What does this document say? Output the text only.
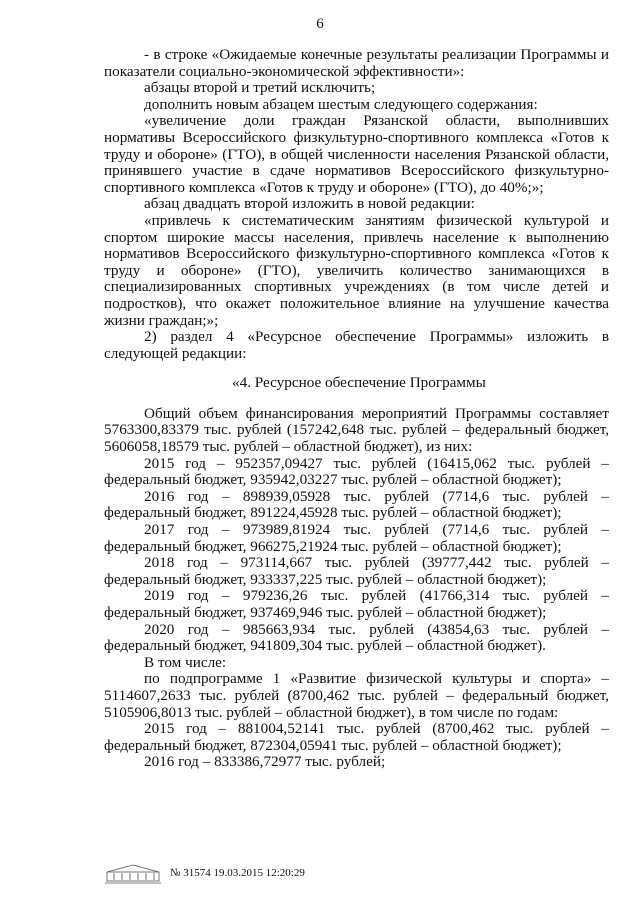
6

- в строке «Ожидаемые конечные результаты реализации Программы и показатели социально-экономической эффективности»:

абзацы второй и третий исключить;

дополнить новым абзацем шестым следующего содержания:

«увеличение доли граждан Рязанской области, выполнивших нормативы Всероссийского физкультурно-спортивного комплекса «Готов к труду и обороне» (ГТО), в общей численности населения Рязанской области, принявшего участие в сдаче нормативов Всероссийского физкультурно-спортивного комплекса «Готов к труду и обороне» (ГТО), до 40%;»;

абзац двадцать второй изложить в новой редакции:

«привлечь к систематическим занятиям физической культурой и спортом широкие массы населения, привлечь население к выполнению нормативов Всероссийского физкультурно-спортивного комплекса «Готов к труду и обороне» (ГТО), увеличить количество занимающихся в специализированных спортивных учреждениях (в том числе детей и подростков), что окажет положительное влияние на улучшение качества жизни граждан;»;

2) раздел 4 «Ресурсное обеспечение Программы» изложить в следующей редакции:

«4. Ресурсное обеспечение Программы

Общий объем финансирования мероприятий Программы составляет 5763300,83379 тыс. рублей (157242,648 тыс. рублей – федеральный бюджет, 5606058,18579 тыс. рублей – областной бюджет), из них:

2015 год – 952357,09427 тыс. рублей (16415,062 тыс. рублей – федеральный бюджет, 935942,03227 тыс. рублей – областной бюджет);

2016 год – 898939,05928 тыс. рублей (7714,6 тыс. рублей – федеральный бюджет, 891224,45928 тыс. рублей – областной бюджет);

2017 год – 973989,81924 тыс. рублей (7714,6 тыс. рублей – федеральный бюджет, 966275,21924 тыс. рублей – областной бюджет);

2018 год – 973114,667 тыс. рублей (39777,442 тыс. рублей – федеральный бюджет, 933337,225 тыс. рублей – областной бюджет);

2019 год – 979236,26 тыс. рублей (41766,314 тыс. рублей – федеральный бюджет, 937469,946 тыс. рублей – областной бюджет);

2020 год – 985663,934 тыс. рублей (43854,63 тыс. рублей – федеральный бюджет, 941809,304 тыс. рублей – областной бюджет).

В том числе:

по подпрограмме 1 «Развитие физической культуры и спорта» – 5114607,2633 тыс. рублей (8700,462 тыс. рублей – федеральный бюджет, 5105906,8013 тыс. рублей – областной бюджет), в том числе по годам:

2015 год – 881004,52141 тыс. рублей (8700,462 тыс. рублей – федеральный бюджет, 872304,05941 тыс. рублей – областной бюджет);

2016 год – 833386,72977 тыс. рублей;

№ 31574 19.03.2015 12:20:29
